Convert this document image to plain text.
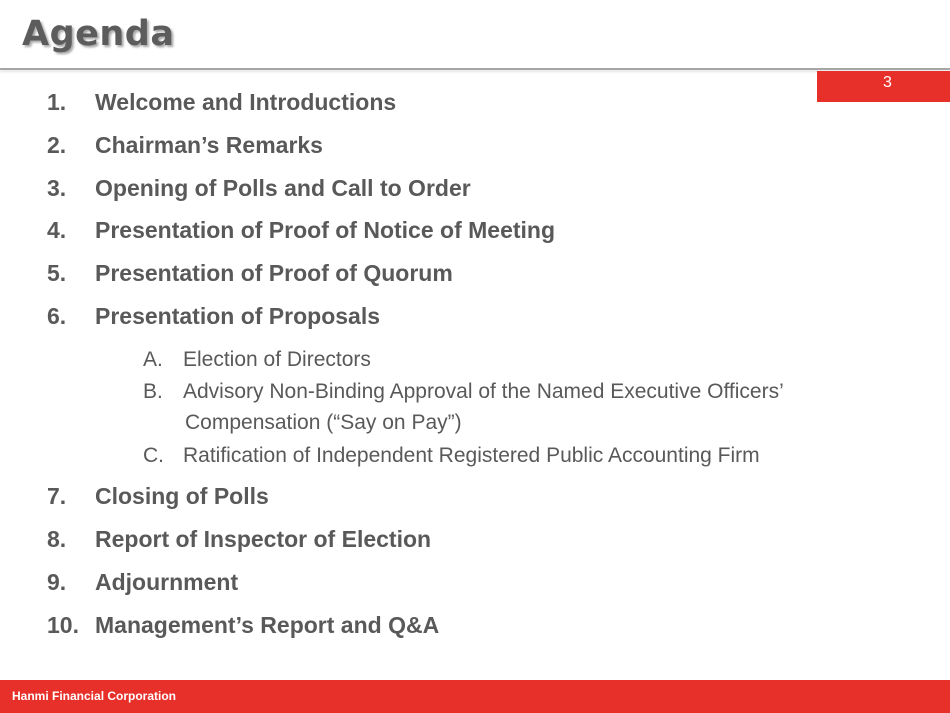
Agenda
3
1. Welcome and Introductions
2. Chairman’s Remarks
3. Opening of Polls and Call to Order
4. Presentation of Proof of Notice of Meeting
5. Presentation of Proof of Quorum
6. Presentation of Proposals
A. Election of Directors
B. Advisory Non-Binding Approval of the Named Executive Officers’
Compensation (“Say on Pay”)
C. Ratification of Independent Registered Public Accounting Firm
7. Closing of Polls
8. Report of Inspector of Election
9. Adjournment
10. Management’s Report and Q&A
Hanmi Financial Corporation
